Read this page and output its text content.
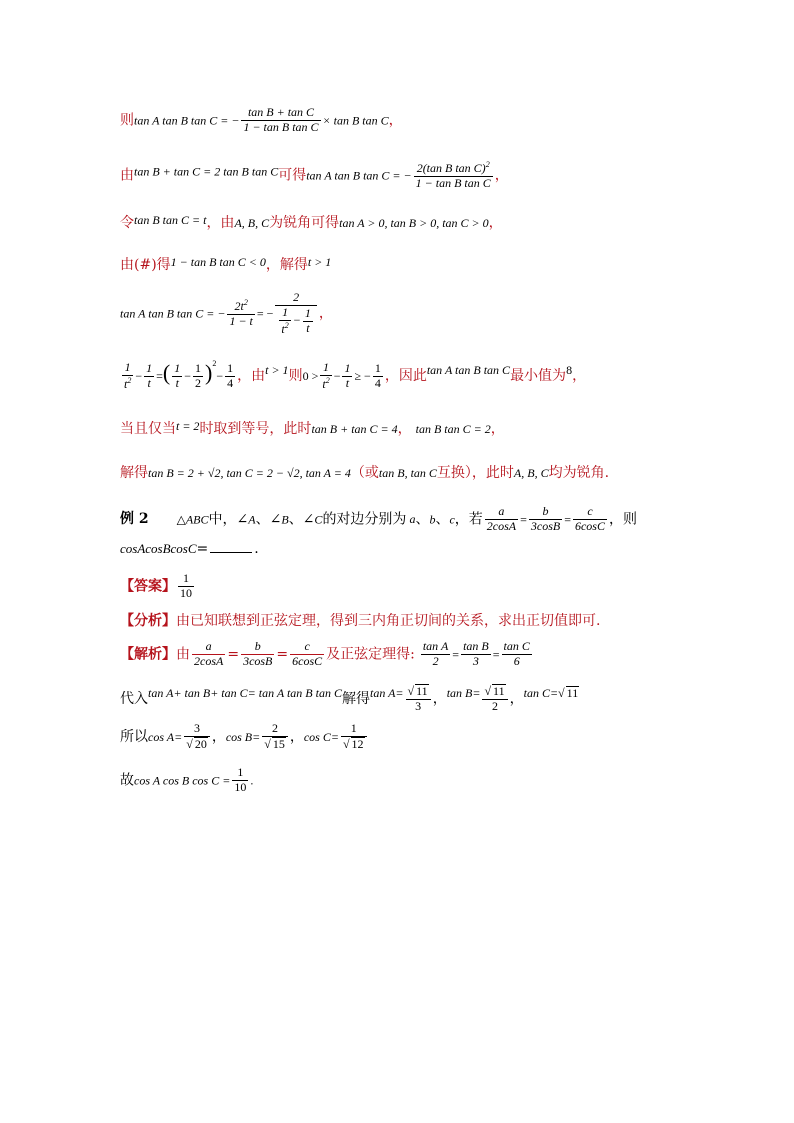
则tan A tan B tan C = − $\frac{\text{tan B + tan C}}{\text{1 − tan B tan C}} \times \tan B$ tan C，
由tan B + tan C = 2 tan B tan C可得tan A tan B tan C = − $\frac{2(\tan B \tan C)^2}{\text{1 − tan B tan C}}$ ，
令tan B tan C = t，由A, B, C为锐角可得tan A > 0, tan B > 0, tan C > 0，
由(#)得1 − tan B tan C < 0，解得t > 1
tan A tan B tan C = − $\frac{2t^2}{1 - t}$ = − $\frac{2}{\frac{1}{t^2} - \frac{1}{t}}$ ，
$\frac{1}{t^2} - \frac{1}{t}$ =( $\frac{1}{t} - \frac{1}{2} )^2- \frac{1}{4}$ ，由t > 1则$0 > \frac{1}{t^2} - \frac{1}{t}$ ≥ − $\frac{1}{4}$ ，因此tan A tan B tan C最小值为8，
当且仅当t = 2时取到等号，此时tan B + tan C = 4， tan B tan C = 2，
解得tan B = 2 + √2, tan C = 2 − √2, tan A = 4（或tan B, tan C互换），此时A, B, C均为锐角.
例 2 △ABC中，∠A、∠B、∠C的对边分别为 a、b、c，若 $\frac{a}{2\cos A} = \frac{b}{3\cos B} = \frac{c}{6\cos C}$ ，则
cosAcosBcosC=	.
【答案】 $\frac{1}{10}$
【分析】由已知联想到正弦定理，得到三内角正切间的关系，求出正切值即可.
【解析】由 $\frac{a}{2\cos A} = \frac{b}{3\cos B} = \frac{c}{6\cos C}$ 及正弦定理得: $\frac{\text{tan A}}{2} = \frac{\text{tan B}}{3} = \frac{\text{tan C}}{6}$
代入tan A+ tan B+ tan C= tan A tan B tan C解得$\tan A= \frac{√ 11}{3}$ ，$\tan B= \frac{√ 11}{2}$ ，tan C=√ 11
所以$\cos A= \frac{3}{√ 20}$ ，$\cos B= \frac{2}{√ 15}$ ，$\cos C= \frac{1}{√ 12}$
故cos A cos B $\cos C = \frac{1}{10}$ .
